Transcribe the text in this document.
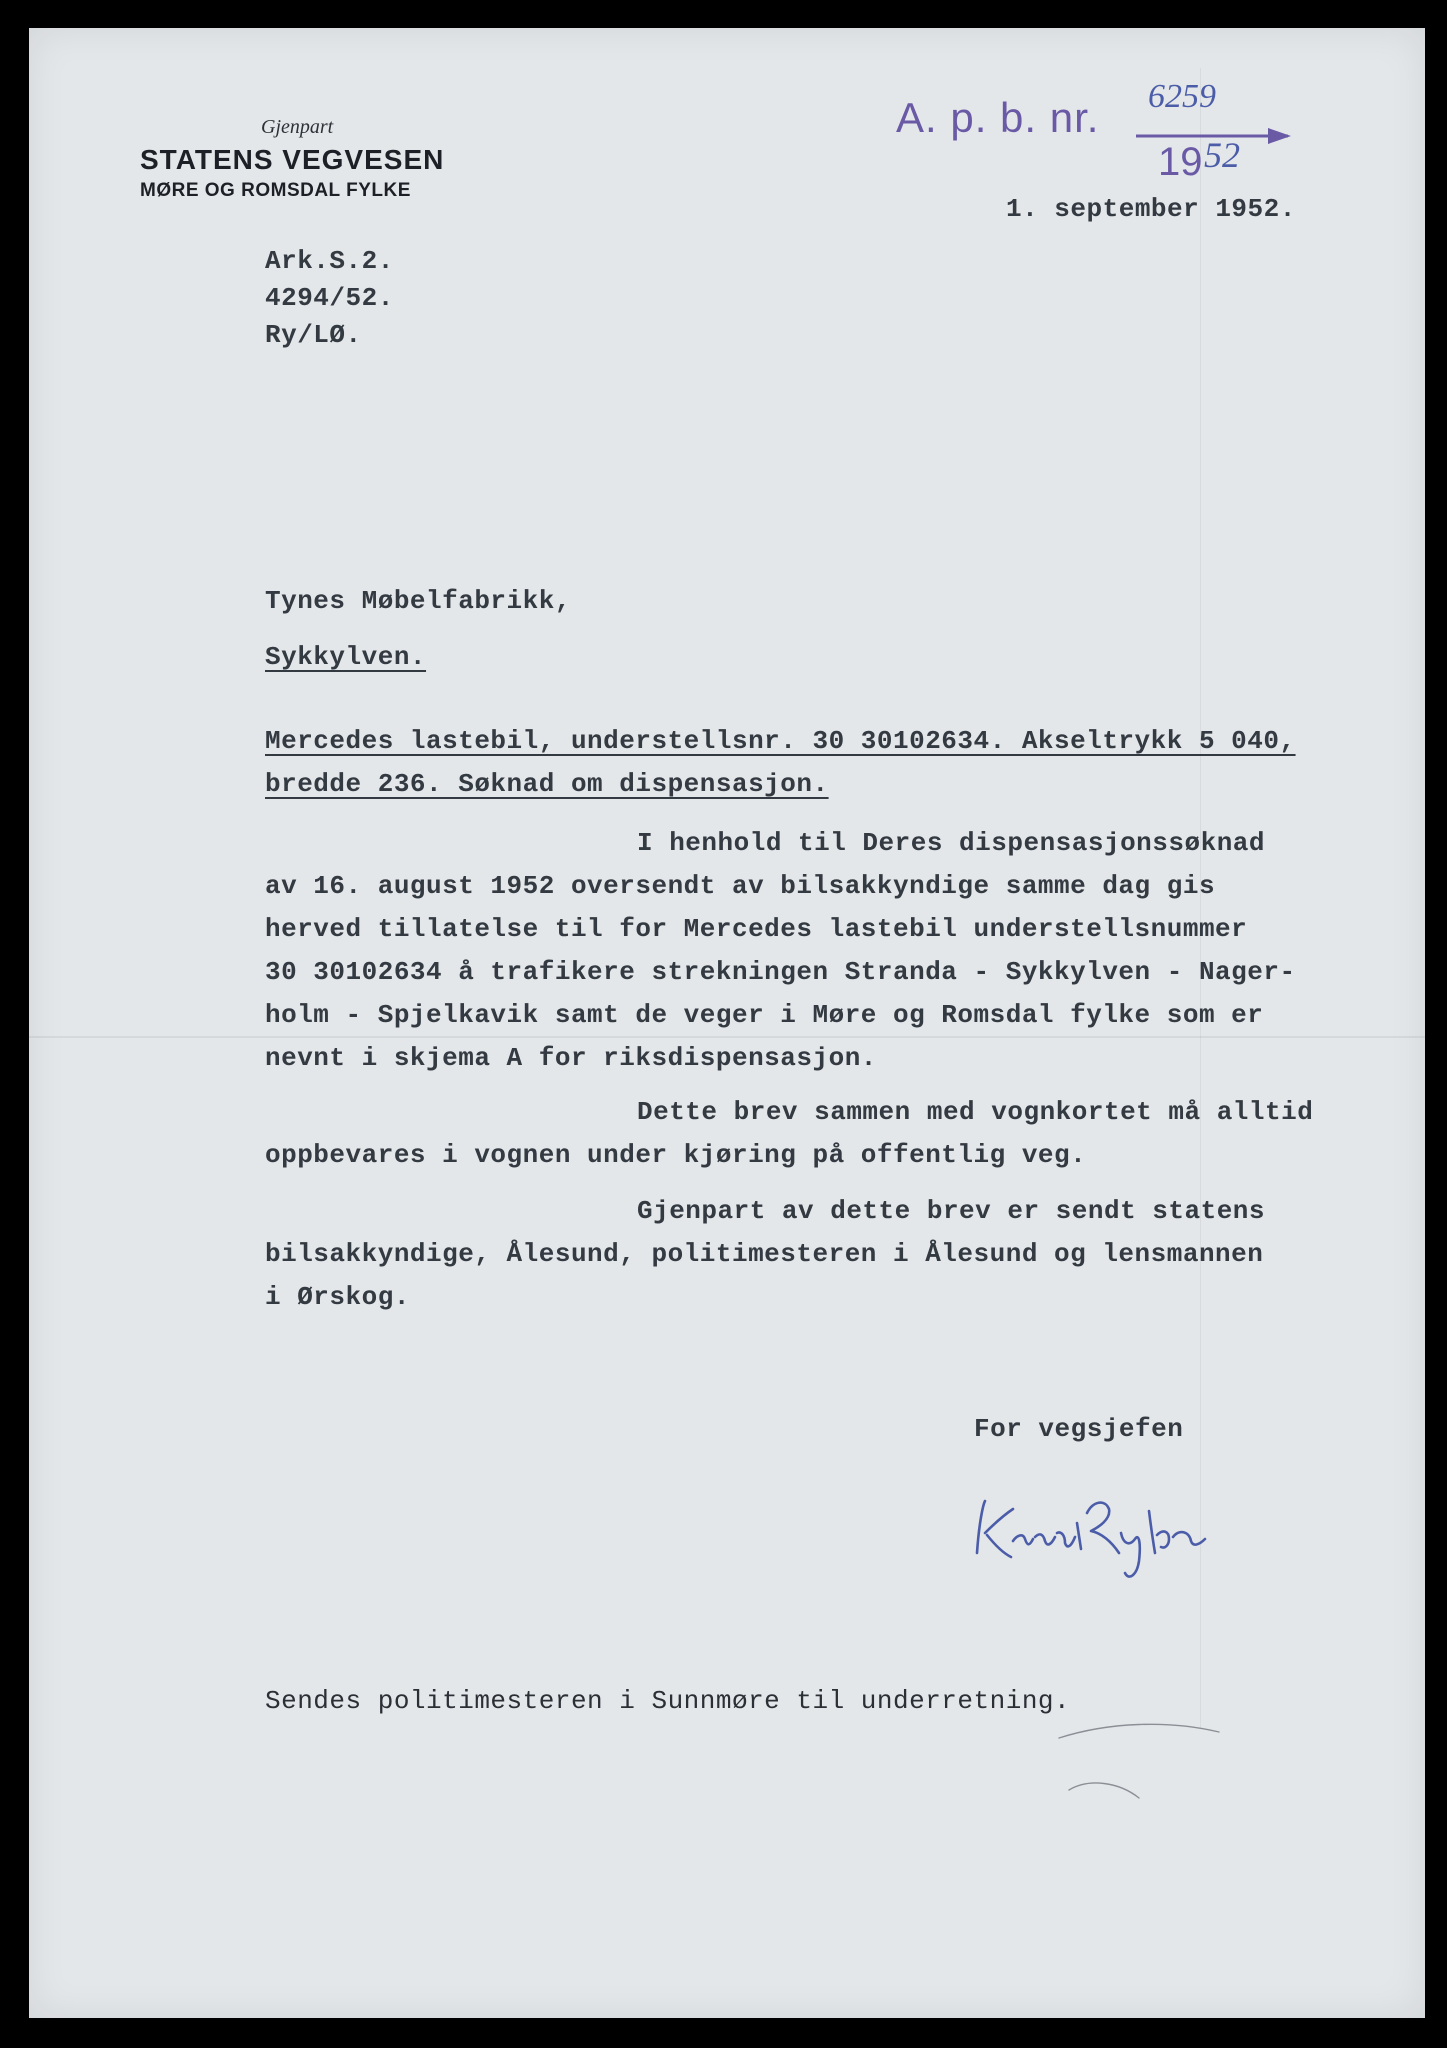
Gjenpart
STATENS VEGVESEN
MØRE OG ROMSDAL FYLKE
A. p. b. nr. 6259
19 52
1. september 1952.
Ark.S.2.
4294/52.
Ry/LØ.
Tynes Møbelfabrikk,
Sykkylven.
Mercedes lastebil, understellsnr. 30 30102634. Akseltrykk 5 040,
bredde 236. Søknad om dispensasjon.
I henhold til Deres dispensasjonssøknad
av 16. august 1952 oversendt av bilsakkyndige samme dag gis
herved tillatelse til for Mercedes lastebil understellsnummer
30 30102634 å trafikere strekningen Stranda - Sykkylven - Nager-
holm - Spjelkavik samt de veger i Møre og Romsdal fylke som er
nevnt i skjema A for riksdispensasjon.
Dette brev sammen med vognkortet må alltid
oppbevares i vognen under kjøring på offentlig veg.
Gjenpart av dette brev er sendt statens
bilsakkyndige, Ålesund, politimesteren i Ålesund og lensmannen
i Ørskog.
For vegsjefen
Sendes politimesteren i Sunnmøre til underretning.
